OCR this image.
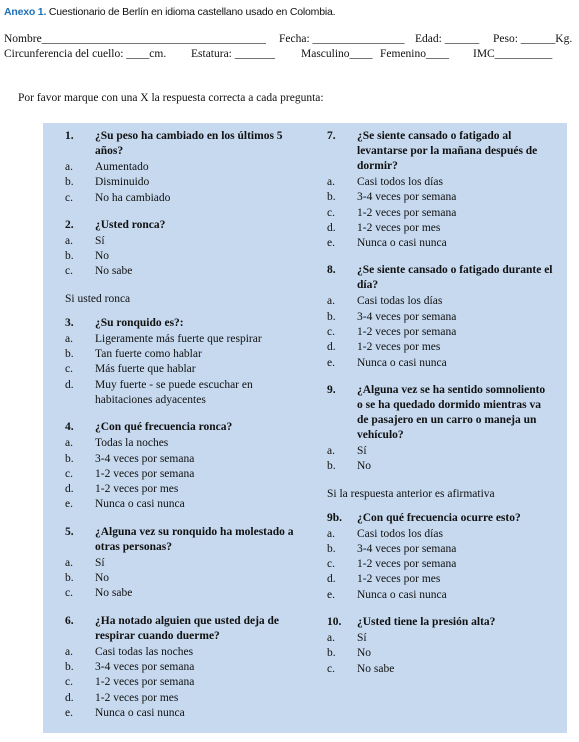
Anexo 1. Cuestionario de Berlín en idioma castellano usado en Colombia.
Nombre_______________________________________ Fecha: ________________ Edad: ______ Peso: ______Kg.
Circunferencia del cuello: ____cm. Estatura: _______ Masculino____ Femenino____ IMC__________
Por favor marque con una X la respuesta correcta a cada pregunta:
1.	¿Su peso ha cambiado en los últimos 5 años?
a.	Aumentado
b.	Disminuido
c.	No ha cambiado
2.	¿Usted ronca?
a.	Sí
b.	No
c.	No sabe
Si usted ronca
3.	¿Su ronquido es?:
a.	Ligeramente más fuerte que respirar
b.	Tan fuerte como hablar
c.	Más fuerte que hablar
d.	Muy fuerte - se puede escuchar en habitaciones adyacentes
4.	¿Con qué frecuencia ronca?
a.	Todas la noches
b.	3-4 veces por semana
c.	1-2 veces por semana
d.	1-2 veces por mes
e.	Nunca o casi nunca
5.	¿Alguna vez su ronquido ha molestado a otras personas?
a.	Sí
b.	No
c.	No sabe
6.	¿Ha notado alguien que usted deja de respirar cuando duerme?
a.	Casi todas las noches
b.	3-4 veces por semana
c.	1-2 veces por semana
d.	1-2 veces por mes
e.	Nunca o casi nunca
7.	¿Se siente cansado o fatigado al levantarse por la mañana después de dormir?
a.	Casi todos los días
b.	3-4 veces por semana
c.	1-2 veces por semana
d.	1-2 veces por mes
e.	Nunca o casi nunca
8.	¿Se siente cansado o fatigado durante el día?
a.	Casi todas los días
b.	3-4 veces por semana
c.	1-2 veces por semana
d.	1-2 veces por mes
e.	Nunca o casi nunca
9.	¿Alguna vez se ha sentido somnoliento o se ha quedado dormido mientras va de pasajero en un carro o maneja un vehículo?
a.	Sí
b.	No
Si la respuesta anterior es afirmativa
9b.	¿Con qué frecuencia ocurre esto?
a.	Casi todos los días
b.	3-4 veces por semana
c.	1-2 veces por semana
d.	1-2 veces por mes
e.	Nunca o casi nunca
10.	¿Usted tiene la presión alta?
a.	Sí
b.	No
c.	No sabe
